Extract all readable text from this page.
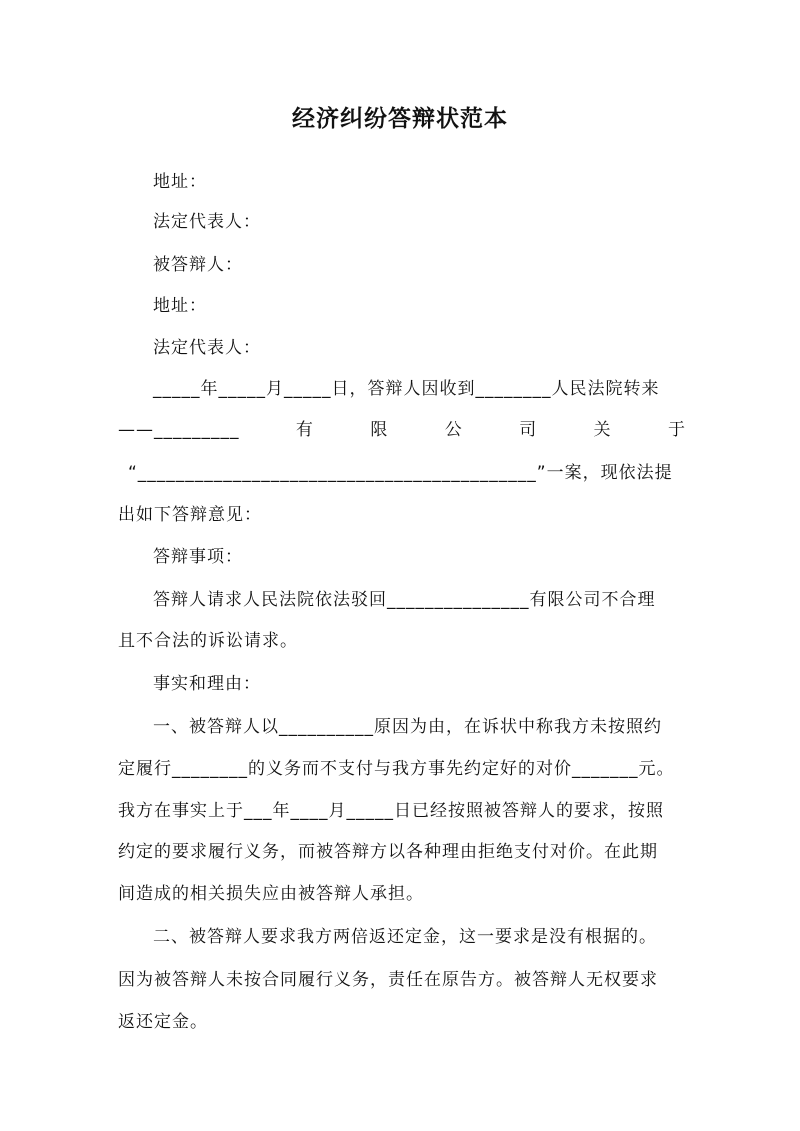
经济纠纷答辩状范本
地址：
法定代表人：
被答辩人：
地址：
法定代表人：
_____年_____月_____日，答辩人因收到________人民法院转来
——_________	有	限	公	司	关	于
“__________________________________________”一案，现依法提
出如下答辩意见：
答辩事项：
答辩人请求人民法院依法驳回_______________有限公司不合理
且不合法的诉讼请求。
事实和理由：
一、被答辩人以__________原因为由，在诉状中称我方未按照约
定履行________的义务而不支付与我方事先约定好的对价_______元。
我方在事实上于___年____月_____日已经按照被答辩人的要求，按照
约定的要求履行义务，而被答辩方以各种理由拒绝支付对价。在此期
间造成的相关损失应由被答辩人承担。
二、被答辩人要求我方两倍返还定金，这一要求是没有根据的。
因为被答辩人未按合同履行义务，责任在原告方。被答辩人无权要求
返还定金。
